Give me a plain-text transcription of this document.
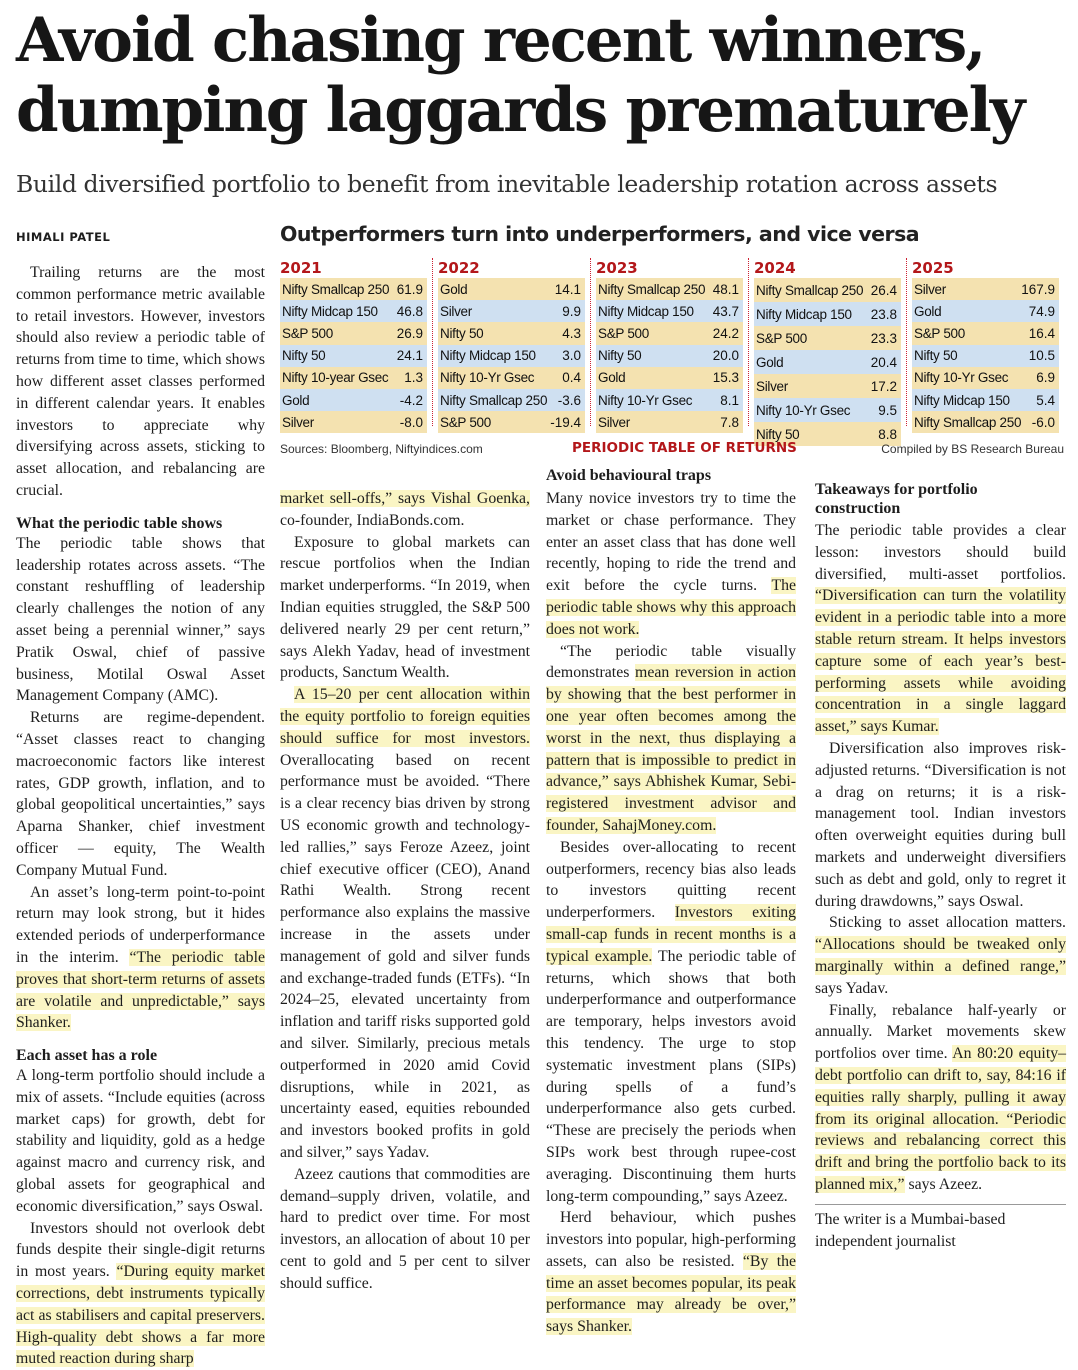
Avoid chasing recent winners, dumping laggards prematurely
Build diversified portfolio to benefit from inevitable leadership rotation across assets
HIMALI PATEL	Outperformers turn into underperformers, and vice versa
2021
Nifty Smallcap 250 61.9
Nifty Midcap 150 46.8
S&P 500	26.9
Nifty 50	24.1
Nifty 10-year Gsec 1.3
Gold	-4.2
Silver	-8.0
2022
Gold	14.1
Silver	9.9
Nifty 50	4.3
Nifty Midcap 150 3.0
Nifty 10-Yr Gsec 0.4
Nifty Smallcap 250 -3.6
S&P 500	-19.4
2023
Nifty Smallcap 250 48.1
Nifty Midcap 150 43.7
S&P 500	24.2
Nifty 50	20.0
Gold	15.3
Nifty 10-Yr Gsec 8.1
Silver	7.8
2024
Nifty Smallcap 250 26.4
Nifty Midcap 150 23.8
S&P 500	23.3
Gold	20.4
Silver	17.2
Nifty 10-Yr Gsec 9.5
Nifty 50	8.8
2025
Silver	167.9
Gold	74.9
S&P 500	16.4
Nifty 50	10.5
Nifty 10-Yr Gsec 6.9
Nifty Midcap 150 5.4
Nifty Smallcap 250 -6.0
Sources: Bloomberg, Niftyindices.com	PERIODIC TABLE OF RETURNS	Compiled by BS Research Bureau

Trailing returns are the most common performance metric available to retail investors. However, investors should also review a periodic table of returns from time to time, which shows how different asset classes performed in different calendar years. It enables investors to appreciate why diversifying across assets, sticking to asset allocation, and rebalancing are crucial.

What the periodic table shows

The periodic table shows that leadership rotates across assets. “The constant reshuffling of leadership clearly challenges the notion of any asset being a perennial winner,” says Pratik Oswal, chief of passive business, Motilal Oswal Asset Management Company (AMC).

Returns are regime-dependent. “Asset classes react to changing macroeconomic factors like interest rates, GDP growth, inflation, and to global geopolitical uncertainties,” says Aparna Shanker, chief investment officer — equity, The Wealth Company Mutual Fund.

An asset’s long-term point-to-point return may look strong, but it hides extended periods of underperformance in the interim. “The periodic table proves that short-term returns of assets are volatile and unpredictable,” says Shanker.

Each asset has a role

A long-term portfolio should include a mix of assets. “Include equities (across market caps) for growth, debt for stability and liquidity, gold as a hedge against macro and currency risk, and global assets for geographical and economic diversification,” says Oswal.

Investors should not overlook debt funds despite their single-digit returns in most years. “During equity market corrections, debt instruments typically act as stabilisers and capital preservers. High-quality debt shows a far more muted reaction during sharp

market sell-offs,” says Vishal Goenka, co-founder, IndiaBonds.com.

Exposure to global markets can rescue portfolios when the Indian market underperforms. “In 2019, when Indian equities struggled, the S&P 500 delivered nearly 29 per cent return,” says Alekh Yadav, head of investment products, Sanctum Wealth.

A 15–20 per cent allocation within the equity portfolio to foreign equities should suffice for most investors. Overallocating based on recent performance must be avoided. “There is a clear recency bias driven by strong US economic growth and technology-led rallies,” says Feroze Azeez, joint chief executive officer (CEO), Anand Rathi Wealth. Strong recent performance also explains the massive increase in the assets under management of gold and silver funds and exchange-traded funds (ETFs). “In 2024–25, elevated uncertainty from inflation and tariff risks supported gold and silver. Similarly, precious metals outperformed in 2020 amid Covid disruptions, while in 2021, as uncertainty eased, equities rebounded and investors booked profits in gold and silver,” says Yadav.

Azeez cautions that commodities are demand–supply driven, volatile, and hard to predict over time. For most investors, an allocation of about 10 per cent to gold and 5 per cent to silver should suffice.

Avoid behavioural traps

Many novice investors try to time the market or chase performance. They enter an asset class that has done well recently, hoping to ride the trend and exit before the cycle turns. The periodic table shows why this approach does not work.

“The periodic table visually demonstrates mean reversion in action by showing that the best performer in one year often becomes among the worst in the next, thus displaying a pattern that is impossible to predict in advance,” says Abhishek Kumar, Sebi-registered investment advisor and founder, SahajMoney.com.

Besides over-allocating to recent outperformers, recency bias also leads to investors quitting recent underperformers. Investors exiting small-cap funds in recent months is a typical example. The periodic table of returns, which shows that both underperformance and outperformance are temporary, helps investors avoid this tendency. The urge to stop systematic investment plans (SIPs) during spells of a fund’s underperformance also gets curbed. “These are precisely the periods when SIPs work best through rupee-cost averaging. Discontinuing them hurts long-term compounding,” says Azeez.

Herd behaviour, which pushes investors into popular, high-performing assets, can also be resisted. “By the time an asset becomes popular, its peak performance may already be over,” says Shanker.

Takeaways for portfolio construction

The periodic table provides a clear lesson: investors should build diversified, multi-asset portfolios. “Diversification can turn the volatility evident in a periodic table into a more stable return stream. It helps investors capture some of each year’s best-performing assets while avoiding concentration in a single laggard asset,” says Kumar.

Diversification also improves risk-adjusted returns. “Diversification is not a drag on returns; it is a risk-management tool. Indian investors often overweight equities during bull markets and underweight diversifiers such as debt and gold, only to regret it during drawdowns,” says Oswal.

Sticking to asset allocation matters. “Allocations should be tweaked only marginally within a defined range,” says Yadav.

Finally, rebalance half-yearly or annually. Market movements skew portfolios over time. An 80:20 equity–debt portfolio can drift to, say, 84:16 if equities rally sharply, pulling it away from its original allocation. “Periodic reviews and rebalancing correct this drift and bring the portfolio back to its planned mix,” says Azeez.

The writer is a Mumbai-based independent journalist
